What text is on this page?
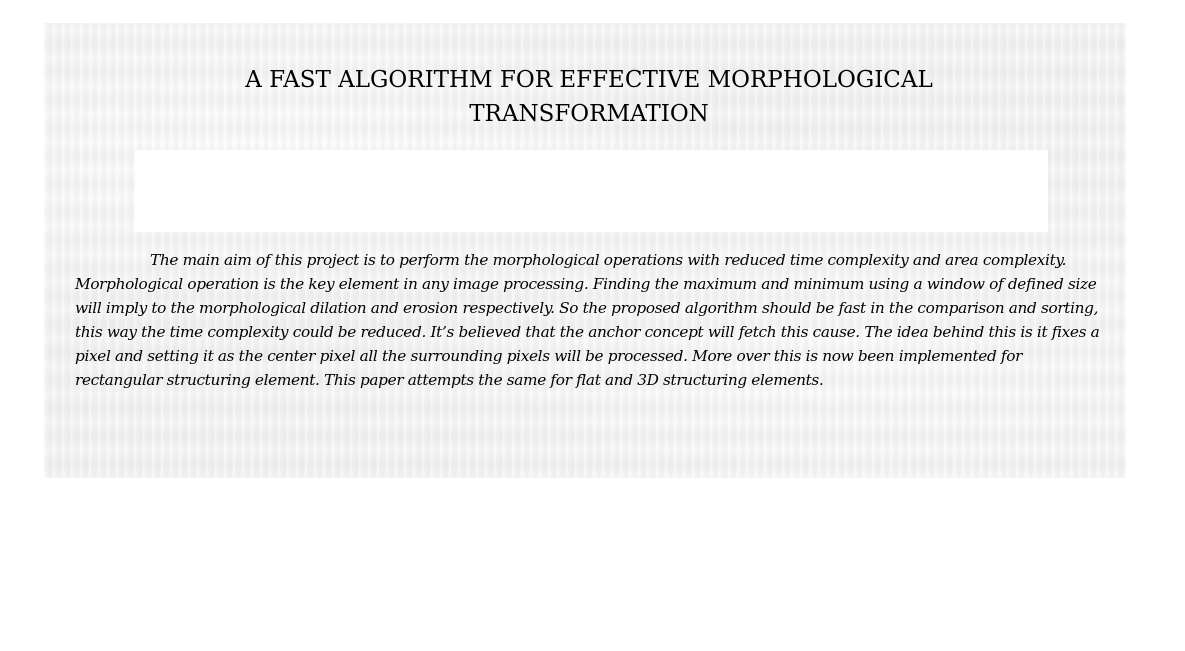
A FAST ALGORITHM FOR EFFECTIVE MORPHOLOGICAL
TRANSFORMATION

The main aim of this project is to perform the morphological operations with reduced time complexity and area complexity. Morphological operation is the key element in any image processing. Finding the maximum and minimum using a window of defined size will imply to the morphological dilation and erosion respectively. So the proposed algorithm should be fast in the comparison and sorting, this way the time complexity could be reduced. It’s believed that the anchor concept will fetch this cause. The idea behind this is it fixes a pixel and setting it as the center pixel all the surrounding pixels will be processed. More over this is now been implemented for rectangular structuring element. This paper attempts the same for flat and 3D structuring elements.
